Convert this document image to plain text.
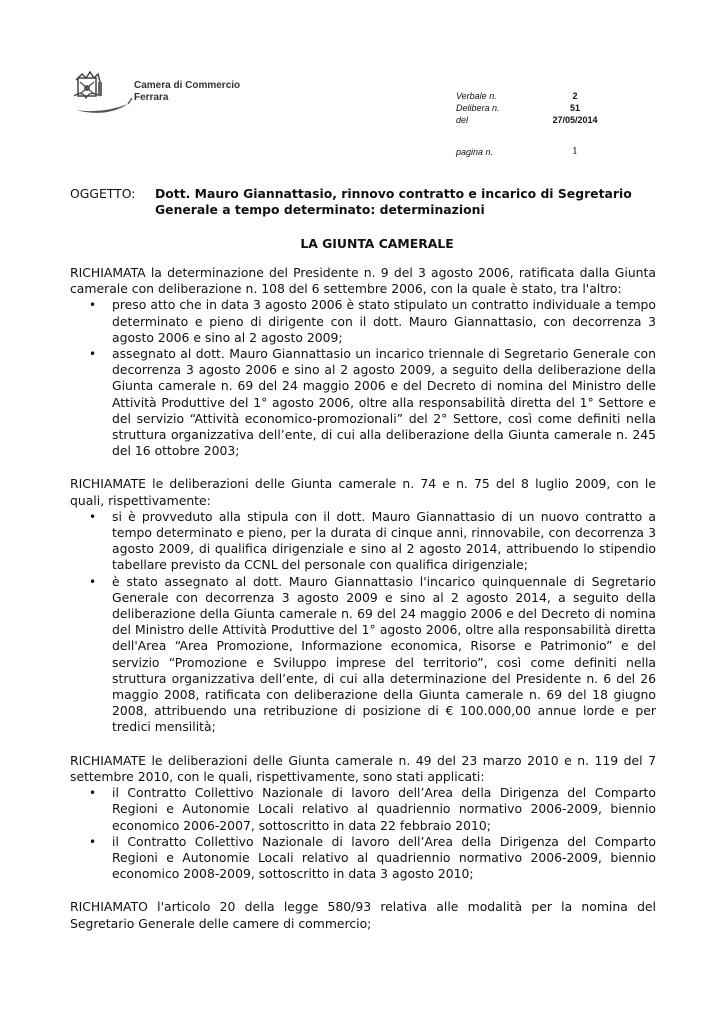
Camera di Commercio
Ferrara	Verbale n.	2
Delibera n.	51
del	27/05/2014
pagina n.	1
OGGETTO: Dott. Mauro Giannattasio, rinnovo contratto e incarico di Segretario Generale a tempo determinato: determinazioni
LA GIUNTA CAMERALE

RICHIAMATA la determinazione del Presidente n. 9 del 3 agosto 2006, ratificata dalla Giunta camerale con deliberazione n. 108 del 6 settembre 2006, con la quale è stato, tra l'altro:

• preso atto che in data 3 agosto 2006 è stato stipulato un contratto individuale a tempo determinato e pieno di dirigente con il dott. Mauro Giannattasio, con decorrenza 3 agosto 2006 e sino al 2 agosto 2009;
• assegnato al dott. Mauro Giannattasio un incarico triennale di Segretario Generale con decorrenza 3 agosto 2006 e sino al 2 agosto 2009, a seguito della deliberazione della Giunta camerale n. 69 del 24 maggio 2006 e del Decreto di nomina del Ministro delle Attività Produttive del 1° agosto 2006, oltre alla responsabilità diretta del 1° Settore e del servizio “Attività economico-promozionali” del 2° Settore, così come definiti nella struttura organizzativa dell’ente, di cui alla deliberazione della Giunta camerale n. 245 del 16 ottobre 2003;

RICHIAMATE le deliberazioni delle Giunta camerale n. 74 e n. 75 del 8 luglio 2009, con le quali, rispettivamente:

• si è provveduto alla stipula con il dott. Mauro Giannattasio di un nuovo contratto a tempo determinato e pieno, per la durata di cinque anni, rinnovabile, con decorrenza 3 agosto 2009, di qualifica dirigenziale e sino al 2 agosto 2014, attribuendo lo stipendio tabellare previsto da CCNL del personale con qualifica dirigenziale;
• è stato assegnato al dott. Mauro Giannattasio l'incarico quinquennale di Segretario Generale con decorrenza 3 agosto 2009 e sino al 2 agosto 2014, a seguito della deliberazione della Giunta camerale n. 69 del 24 maggio 2006 e del Decreto di nomina del Ministro delle Attività Produttive del 1° agosto 2006, oltre alla responsabilità diretta dell'Area “Area Promozione, Informazione economica, Risorse e Patrimonio” e del servizio “Promozione e Sviluppo imprese del territorio”, così come definiti nella struttura organizzativa dell’ente, di cui alla determinazione del Presidente n. 6 del 26 maggio 2008, ratificata con deliberazione della Giunta camerale n. 69 del 18 giugno 2008, attribuendo una retribuzione di posizione di € 100.000,00 annue lorde e per tredici mensilità;

RICHIAMATE le deliberazioni delle Giunta camerale n. 49 del 23 marzo 2010 e n. 119 del 7 settembre 2010, con le quali, rispettivamente, sono stati applicati:

• il Contratto Collettivo Nazionale di lavoro dell’Area della Dirigenza del Comparto Regioni e Autonomie Locali relativo al quadriennio normativo 2006-2009, biennio economico 2006-2007, sottoscritto in data 22 febbraio 2010;
• il Contratto Collettivo Nazionale di lavoro dell’Area della Dirigenza del Comparto Regioni e Autonomie Locali relativo al quadriennio normativo 2006-2009, biennio economico 2008-2009, sottoscritto in data 3 agosto 2010;

RICHIAMATO l'articolo 20 della legge 580/93 relativa alle modalità per la nomina del Segretario Generale delle camere di commercio;
